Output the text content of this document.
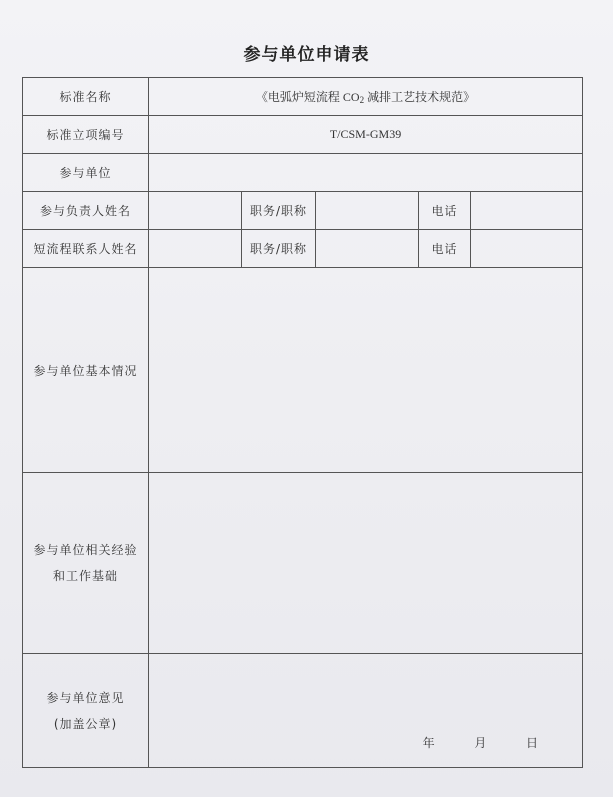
参与单位申请表
标准名称	《电弧炉短流程 $CO_2$ 减排工艺技术规范》				
标准立项编号	T/CSM-GM39				
参与单位					
参与负责人姓名		职务/职称		电话	
短流程联系人姓名		职务/职称		电话	
参与单位基本情况					

参与单位相关经验
和工作基础					

参与单位意见
(加盖公章)	年 月 日				
